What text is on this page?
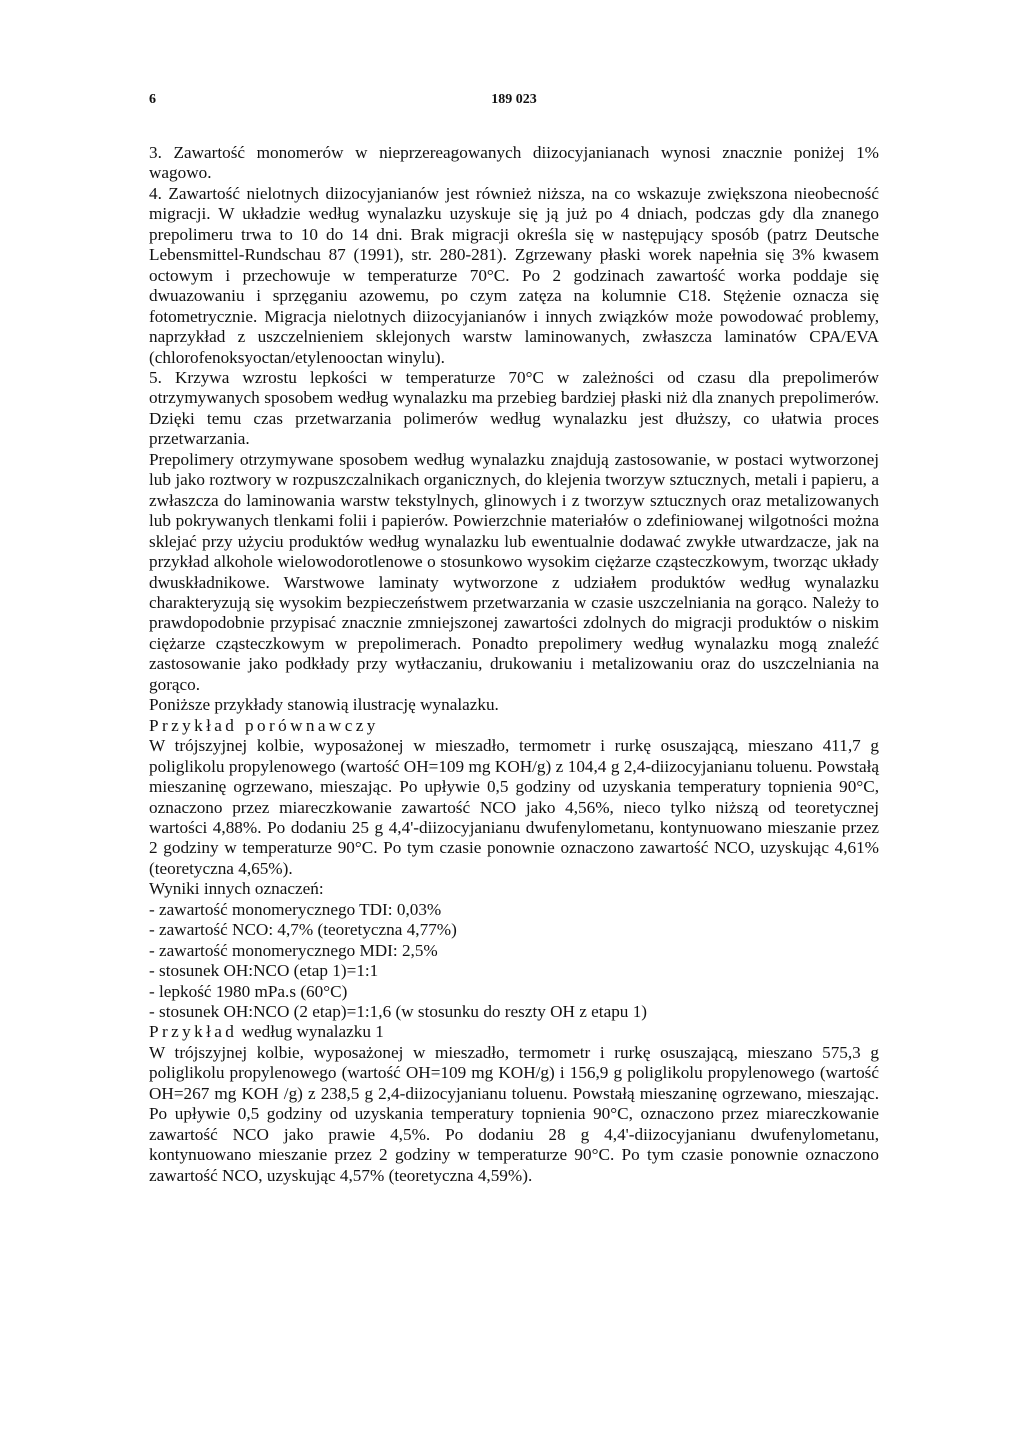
6	189 023

3. Zawartość monomerów w nieprzereagowanych diizocyjanianach wynosi znacznie poniżej 1% wagowo.

4. Zawartość nielotnych diizocyjanianów jest również niższa, na co wskazuje zwiększona nieobecność migracji. W układzie według wynalazku uzyskuje się ją już po 4 dniach, podczas gdy dla znanego prepolimeru trwa to 10 do 14 dni. Brak migracji określa się w następujący sposób (patrz Deutsche Lebensmittel-Rundschau 87 (1991), str. 280-281). Zgrzewany płaski worek napełnia się 3% kwasem octowym i przechowuje w temperaturze 70°C. Po 2 godzinach zawartość worka poddaje się dwuazowaniu i sprzęganiu azowemu, po czym zatęza na kolumnie C18. Stężenie oznacza się fotometrycznie. Migracja nielotnych diizocyjanianów i innych związków może powodować problemy, naprzykład z uszczelnieniem sklejonych warstw laminowanych, zwłaszcza laminatów CPA/EVA (chlorofenoksyoctan/etylenooctan winylu).

5. Krzywa wzrostu lepkości w temperaturze 70°C w zależności od czasu dla prepolimerów otrzymywanych sposobem według wynalazku ma przebieg bardziej płaski niż dla znanych prepolimerów. Dzięki temu czas przetwarzania polimerów według wynalazku jest dłuższy, co ułatwia proces przetwarzania.

Prepolimery otrzymywane sposobem według wynalazku znajdują zastosowanie, w postaci wytworzonej lub jako roztwory w rozpuszczalnikach organicznych, do klejenia tworzyw sztucznych, metali i papieru, a zwłaszcza do laminowania warstw tekstylnych, glinowych i z tworzyw sztucznych oraz metalizowanych lub pokrywanych tlenkami folii i papierów. Powierzchnie materiałów o zdefiniowanej wilgotności można sklejać przy użyciu produktów według wynalazku lub ewentualnie dodawać zwykłe utwardzacze, jak na przykład alkohole wielowodorotlenowe o stosunkowo wysokim ciężarze cząsteczkowym, tworząc układy dwuskładnikowe. Warstwowe laminaty wytworzone z udziałem produktów według wynalazku charakteryzują się wysokim bezpieczeństwem przetwarzania w czasie uszczelniania na gorąco. Należy to prawdopodobnie przypisać znacznie zmniejszonej zawartości zdolnych do migracji produktów o niskim ciężarze cząsteczkowym w prepolimerach. Ponadto prepolimery według wynalazku mogą znaleźć zastosowanie jako podkłady przy wytłaczaniu, drukowaniu i metalizowaniu oraz do uszczelniania na gorąco.

Poniższe przykłady stanowią ilustrację wynalazku.

Przykład porównawczy

W trójszyjnej kolbie, wyposażonej w mieszadło, termometr i rurkę osuszającą, mieszano 411,7 g poliglikolu propylenowego (wartość OH=109 mg KOH/g) z 104,4 g 2,4-diizocyjanianu toluenu. Powstałą mieszaninę ogrzewano, mieszając. Po upływie 0,5 godziny od uzyskania temperatury topnienia 90°C, oznaczono przez miareczkowanie zawartość NCO jako 4,56%, nieco tylko niższą od teoretycznej wartości 4,88%. Po dodaniu 25 g 4,4'-diizocyjanianu dwufenylometanu, kontynuowano mieszanie przez 2 godziny w temperaturze 90°C. Po tym czasie ponownie oznaczono zawartość NCO, uzyskując 4,61% (teoretyczna 4,65%).

Wyniki innych oznaczeń:

- zawartość monomerycznego TDI: 0,03%

- zawartość NCO: 4,7% (teoretyczna 4,77%)

- zawartość monomerycznego MDI: 2,5%

- stosunek OH:NCO (etap 1)=1:1

- lepkość 1980 mPa.s (60°C)

- stosunek OH:NCO (2 etap)=1:1,6 (w stosunku do reszty OH z etapu 1)

Przykład według wynalazku 1

W trójszyjnej kolbie, wyposażonej w mieszadło, termometr i rurkę osuszającą, mieszano 575,3 g poliglikolu propylenowego (wartość OH=109 mg KOH/g) i 156,9 g poliglikolu propylenowego (wartość OH=267 mg KOH /g) z 238,5 g 2,4-diizocyjanianu toluenu. Powstałą mieszaninę ogrzewano, mieszając. Po upływie 0,5 godziny od uzyskania temperatury topnienia 90°C, oznaczono przez miareczkowanie zawartość NCO jako prawie 4,5%. Po dodaniu 28 g 4,4'-diizocyjanianu dwufenylometanu, kontynuowano mieszanie przez 2 godziny w temperaturze 90°C. Po tym czasie ponownie oznaczono zawartość NCO, uzyskując 4,57% (teoretyczna 4,59%).
